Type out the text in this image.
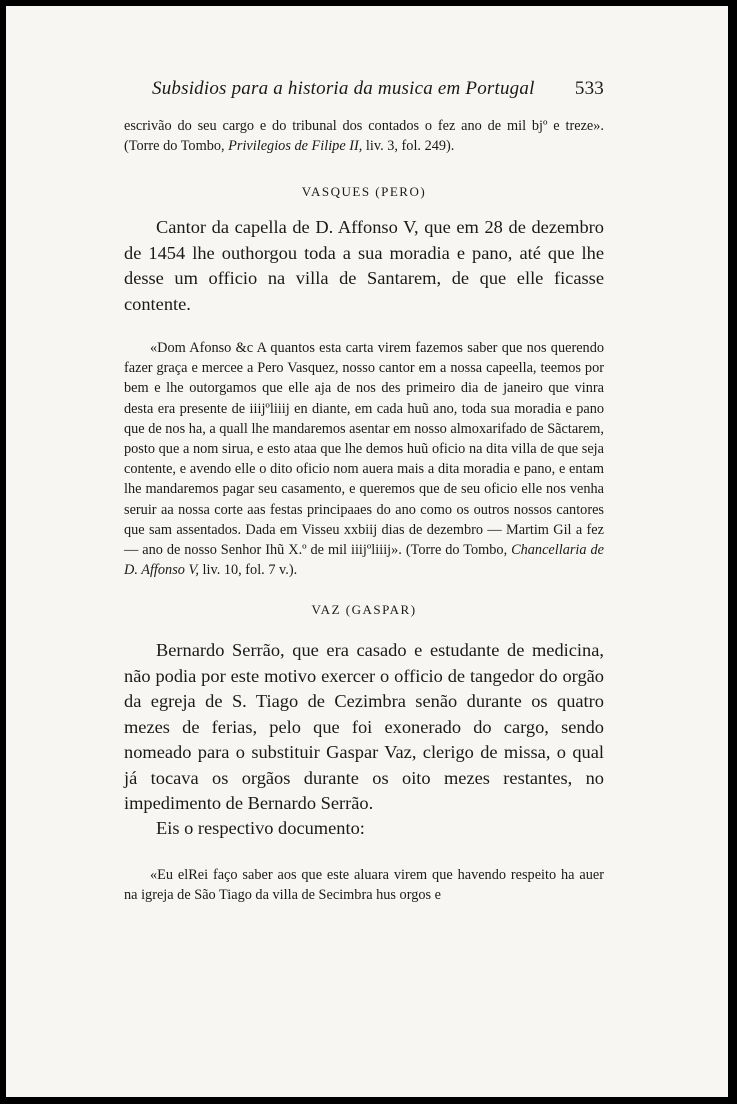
Subsidios para a historia da musica em Portugal 533

escrivão do seu cargo e do tribunal dos contados o fez ano de mil bjº e treze». (Torre do Tombo, Privilegios de Filipe II, liv. 3, fol. 249).

VASQUES (PERO)

Cantor da capella de D. Affonso V, que em 28 de dezembro de 1454 lhe outhorgou toda a sua moradia e pano, até que lhe desse um officio na villa de Santarem, de que elle ficasse contente.

«Dom Afonso &c A quantos esta carta virem fazemos saber que nos querendo fazer graça e mercee a Pero Vasquez, nosso cantor em a nossa capeella, teemos por bem e lhe outorgamos que elle aja de nos des primeiro dia de janeiro que vinra desta era presente de iiijºliiij en diante, em cada huũ ano, toda sua moradia e pano que de nos ha, a quall lhe mandaremos asentar em nosso almoxarifado de Sãctarem, posto que a nom sirua, e esto ataa que lhe demos huũ oficio na dita villa de que seja contente, e avendo elle o dito oficio nom auera mais a dita moradia e pano, e entam lhe mandaremos pagar seu casamento, e queremos que de seu oficio elle nos venha seruir aa nossa corte aas festas principaaes do ano como os outros nossos cantores que sam assentados. Dada em Visseu xxbiij dias de dezembro — Martim Gil a fez — ano de nosso Senhor Ihũ X.º de mil iiijºliiij». (Torre do Tombo, Chancellaria de D. Affonso V, liv. 10, fol. 7 v.).

VAZ (GASPAR)

Bernardo Serrão, que era casado e estudante de medicina, não podia por este motivo exercer o officio de tangedor do orgão da egreja de S. Tiago de Cezimbra senão durante os quatro mezes de ferias, pelo que foi exonerado do cargo, sendo nomeado para o substituir Gaspar Vaz, clerigo de missa, o qual já tocava os orgãos durante os oito mezes restantes, no impedimento de Bernardo Serrão.

Eis o respectivo documento:

«Eu elRei faço saber aos que este aluara virem que havendo respeito ha auer na igreja de São Tiago da villa de Secimbra hus orgos e
